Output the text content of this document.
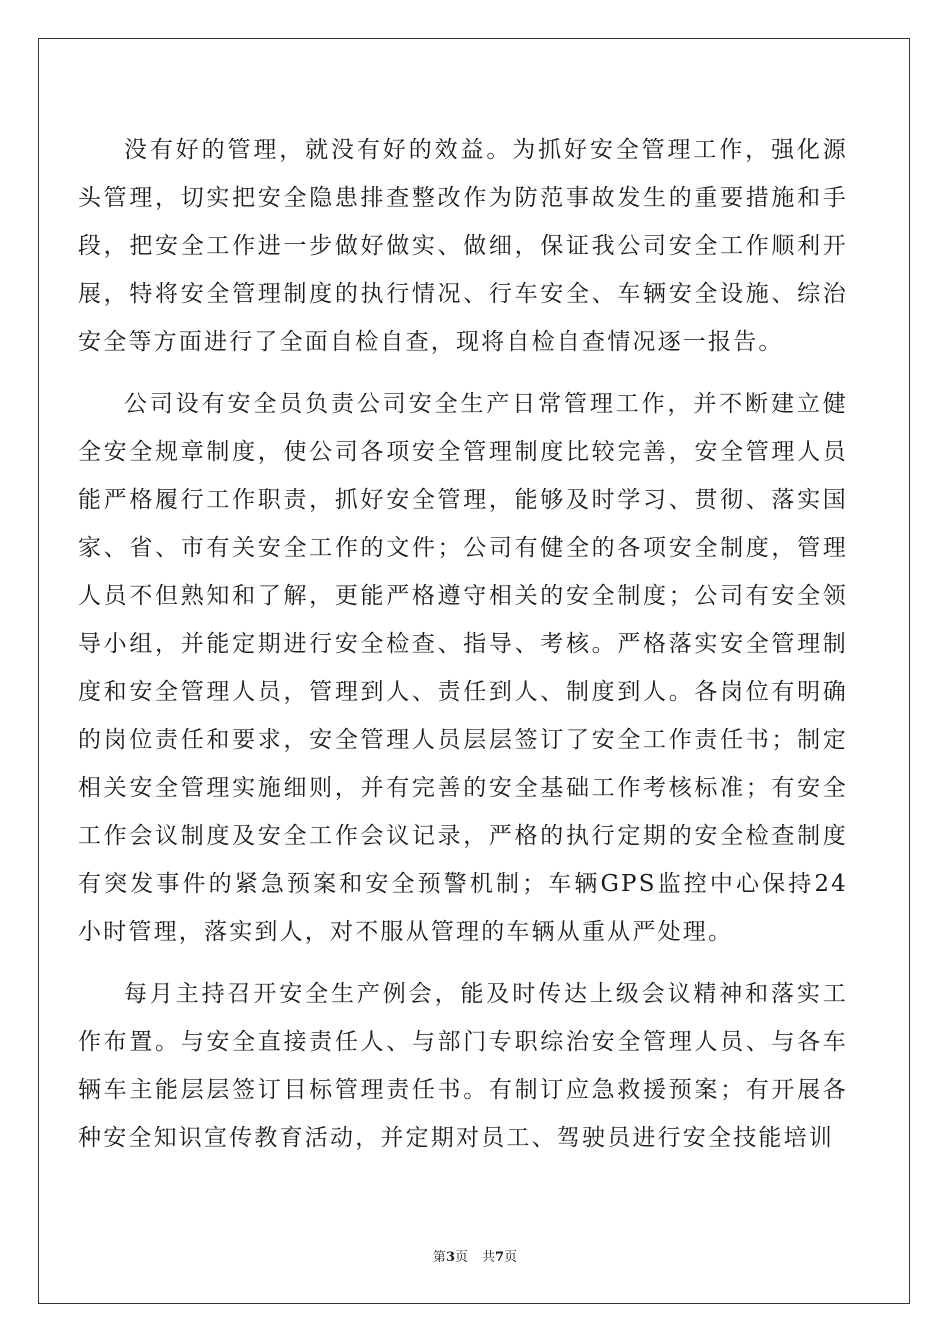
没有好的管理，就没有好的效益。为抓好安全管理工作，强化源头管理，切实把安全隐患排查整改作为防范事故发生的重要措施和手段，把安全工作进一步做好做实、做细，保证我公司安全工作顺利开展，特将安全管理制度的执行情况、行车安全、车辆安全设施、综治安全等方面进行了全面自检自查，现将自检自查情况逐一报告。

公司设有安全员负责公司安全生产日常管理工作，并不断建立健全安全规章制度，使公司各项安全管理制度比较完善，安全管理人员能严格履行工作职责，抓好安全管理，能够及时学习、贯彻、落实国家、省、市有关安全工作的文件；公司有健全的各项安全制度，管理人员不但熟知和了解，更能严格遵守相关的安全制度；公司有安全领导小组，并能定期进行安全检查、指导、考核。严格落实安全管理制度和安全管理人员，管理到人、责任到人、制度到人。各岗位有明确的岗位责任和要求，安全管理人员层层签订了安全工作责任书；制定相关安全管理实施细则，并有完善的安全基础工作考核标准；有安全工作会议制度及安全工作会议记录，严格的执行定期的安全检查制度有突发事件的紧急预案和安全预警机制；车辆GPS监控中心保持24小时管理，落实到人，对不服从管理的车辆从重从严处理。

每月主持召开安全生产例会，能及时传达上级会议精神和落实工作布置。与安全直接责任人、与部门专职综治安全管理人员、与各车辆车主能层层签订目标管理责任书。有制订应急救援预案；有开展各种安全知识宣传教育活动，并定期对员工、驾驶员进行安全技能培训

第3页 共7页
